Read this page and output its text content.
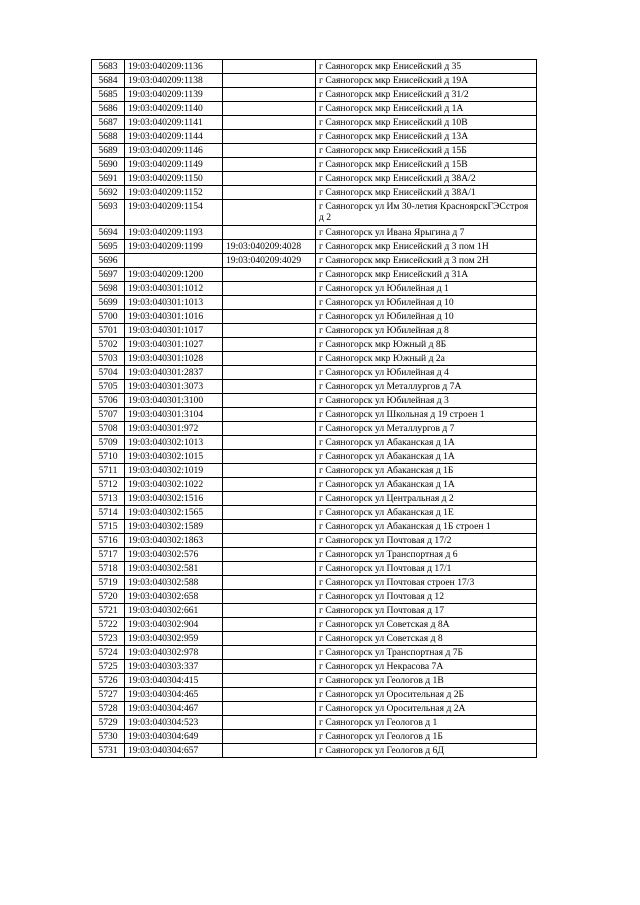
5683	19:03:040209:1136		г Саяногорск мкр Енисейский д 35
5684	19:03:040209:1138		г Саяногорск мкр Енисейский д 19А
5685	19:03:040209:1139		г Саяногорск мкр Енисейский д 31/2
5686	19:03:040209:1140		г Саяногорск мкр Енисейский д 1А
5687	19:03:040209:1141		г Саяногорск мкр Енисейский д 10В
5688	19:03:040209:1144		г Саяногорск мкр Енисейский д 13А
5689	19:03:040209:1146		г Саяногорск мкр Енисейский д 15Б
5690	19:03:040209:1149		г Саяногорск мкр Енисейский д 15В
5691	19:03:040209:1150		г Саяногорск мкр Енисейский д 38А/2
5692	19:03:040209:1152		г Саяногорск мкр Енисейский д 38А/1
5693	19:03:040209:1154		г Саяногорск ул Им 30-летия КрасноярскГЭСстроя д 2
5694	19:03:040209:1193		г Саяногорск ул Ивана Ярыгина д 7
5695	19:03:040209:1199	19:03:040209:4028	г Саяногорск мкр Енисейский д 3 пом 1Н
5696		19:03:040209:4029	г Саяногорск мкр Енисейский д 3 пом 2Н
5697	19:03:040209:1200		г Саяногорск мкр Енисейский д 31А
5698	19:03:040301:1012		г Саяногорск ул Юбилейная д 1
5699	19:03:040301:1013		г Саяногорск ул Юбилейная д 10
5700	19:03:040301:1016		г Саяногорск ул Юбилейная д 10
5701	19:03:040301:1017		г Саяногорск ул Юбилейная д 8
5702	19:03:040301:1027		г Саяногорск мкр Южный д 8Б
5703	19:03:040301:1028		г Саяногорск мкр Южный д 2а
5704	19:03:040301:2837		г Саяногорск ул Юбилейная д 4
5705	19:03:040301:3073		г Саяногорск ул Металлургов д 7А
5706	19:03:040301:3100		г Саяногорск ул Юбилейная д 3
5707	19:03:040301:3104		г Саяногорск ул Школьная д 19 строен 1
5708	19:03:040301:972		г Саяногорск ул Металлургов д 7
5709	19:03:040302:1013		г Саяногорск ул Абаканская д 1А
5710	19:03:040302:1015		г Саяногорск ул Абаканская д 1А
5711	19:03:040302:1019		г Саяногорск ул Абаканская д 1Б
5712	19:03:040302:1022		г Саяногорск ул Абаканская д 1А
5713	19:03:040302:1516		г Саяногорск ул Центральная д 2
5714	19:03:040302:1565		г Саяногорск ул Абаканская д 1Е
5715	19:03:040302:1589		г Саяногорск ул Абаканская д 1Б строен 1
5716	19:03:040302:1863		г Саяногорск ул Почтовая д 17/2
5717	19:03:040302:576		г Саяногорск ул Транспортная д 6
5718	19:03:040302:581		г Саяногорск ул Почтовая д 17/1
5719	19:03:040302:588		г Саяногорск ул Почтовая строен 17/3
5720	19:03:040302:658		г Саяногорск ул Почтовая д 12
5721	19:03:040302:661		г Саяногорск ул Почтовая д 17
5722	19:03:040302:904		г Саяногорск ул Советская д 8А
5723	19:03:040302:959		г Саяногорск ул Советская д 8
5724	19:03:040302:978		г Саяногорск ул Транспортная д 7Б
5725	19:03:040303:337		г Саяногорск ул Некрасова 7А
5726	19:03:040304:415		г Саяногорск ул Геологов д 1В
5727	19:03:040304:465		г Саяногорск ул Оросительная д 2Б
5728	19:03:040304:467		г Саяногорск ул Оросительная д 2А
5729	19:03:040304:523		г Саяногорск ул Геологов д 1
5730	19:03:040304:649		г Саяногорск ул Геологов д 1Б
5731	19:03:040304:657		г Саяногорск ул Геологов д 6Д
